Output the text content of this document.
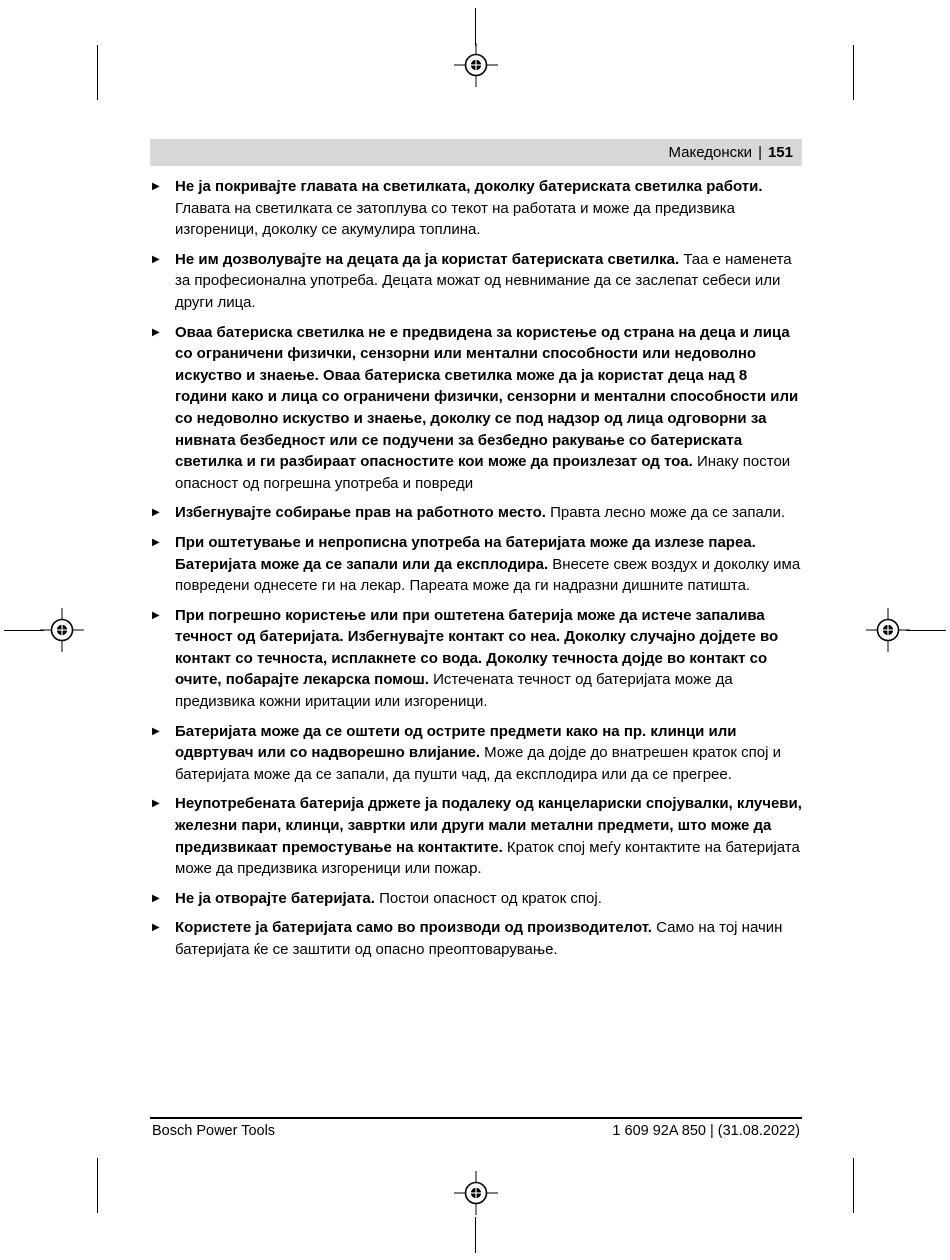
Македонски | 151
▶	Не ја покривајте главата на светилката, доколку батериската светилка работи. Главата на светилката се затоплува со текот на работата и може да предизвика изгореници, доколку се акумулира топлина.

▶	Не им дозволувајте на децата да ја користат батериската светилка. Таа е наменета за професионална употреба. Децата можат од невнимание да се заслепат себеси или други лица.

▶	Оваа батериска светилка не е предвидена за користење од страна на деца и лица со ограничени физички, сензорни или ментални способности или недоволно искуство и знаење. Оваа батериска светилка може да ја користат деца над 8 години како и лица со ограничени физички, сензорни и ментални способности или со недоволно искуство и знаење, доколку се под надзор од лица одговорни за нивната безбедност или се подучени за безбедно ракување со батериската светилка и ги разбираат опасностите кои може да произлезат од тоа. Инаку постои опасност од погрешна употреба и повреди

▶	Избегнувајте собирање прав на работното место. Правта лесно може да се запали.

▶	При оштетување и непрописна употреба на батеријата може да излезе пареа. Батеријата може да се запали или да експлодира. Внесете свеж воздух и доколку има повредени однесете ги на лекар. Пареата може да ги надразни дишните патишта.

▶	При погрешно користење или при оштетена батерија може да истече запалива течност од батеријата. Избегнувајте контакт со неа. Доколку случајно дојдете во контакт со течноста, исплакнете со вода. Доколку течноста дојде во контакт со очите, побарајте лекарска помош. Истечената течност од батеријата може да предизвика кожни иритации или изгореници.

▶	Батеријата може да се оштети од острите предмети како на пр. клинци или одвртувач или со надворешно влијание. Може да дојде до внатрешен краток спој и батеријата може да се запали, да пушти чад, да експлодира или да се прегрее.

▶	Неупотребената батерија држете ја подалеку од канцелариски спојувалки, клучеви, железни пари, клинци, завртки или други мали метални предмети, што може да предизвикаат премостување на контактите. Краток спој меѓу контактите на батеријата може да предизвика изгореници или пожар.

▶	Не ја отворајте батеријата. Постои опасност од краток спој.

▶	Користете ја батеријата само во производи од производителот. Само на тој начин батеријата ќе се заштити од опасно преоптоварување.

Bosch Power Tools	1 609 92A 850 | (31.08.2022)
